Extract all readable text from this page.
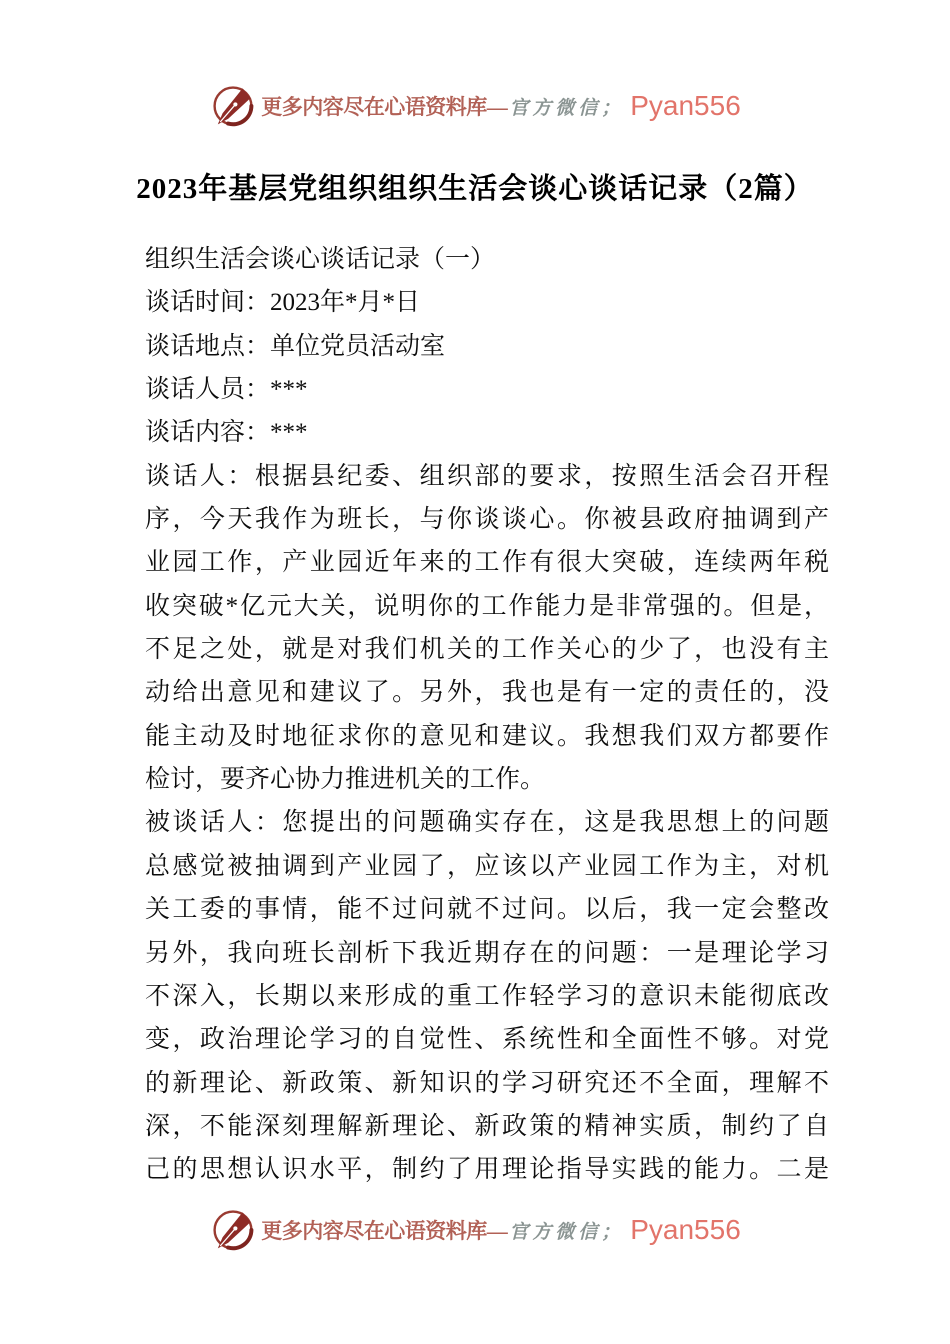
更多内容尽在心语资料库— 官方微信； Pyan556
2023年基层党组织组织生活会谈心谈话记录（2篇）
组织生活会谈心谈话记录（一）
谈话时间：2023年*月*日
谈话地点：单位党员活动室
谈话人员：***
谈话内容：***
谈话人：根据县纪委、组织部的要求，按照生活会召开程
序，今天我作为班长，与你谈谈心。你被县政府抽调到产
业园工作，产业园近年来的工作有很大突破，连续两年税
收突破*亿元大关，说明你的工作能力是非常强的。但是，
不足之处，就是对我们机关的工作关心的少了，也没有主
动给出意见和建议了。另外，我也是有一定的责任的，没
能主动及时地征求你的意见和建议。我想我们双方都要作
检讨，要齐心协力推进机关的工作。
被谈话人：您提出的问题确实存在，这是我思想上的问题
总感觉被抽调到产业园了，应该以产业园工作为主，对机
关工委的事情，能不过问就不过问。以后，我一定会整改
另外，我向班长剖析下我近期存在的问题：一是理论学习
不深入，长期以来形成的重工作轻学习的意识未能彻底改
变，政治理论学习的自觉性、系统性和全面性不够。对党
的新理论、新政策、新知识的学习研究还不全面，理解不
深，不能深刻理解新理论、新政策的精神实质，制约了自
己的思想认识水平，制约了用理论指导实践的能力。二是
更多内容尽在心语资料库— 官方微信； Pyan556
